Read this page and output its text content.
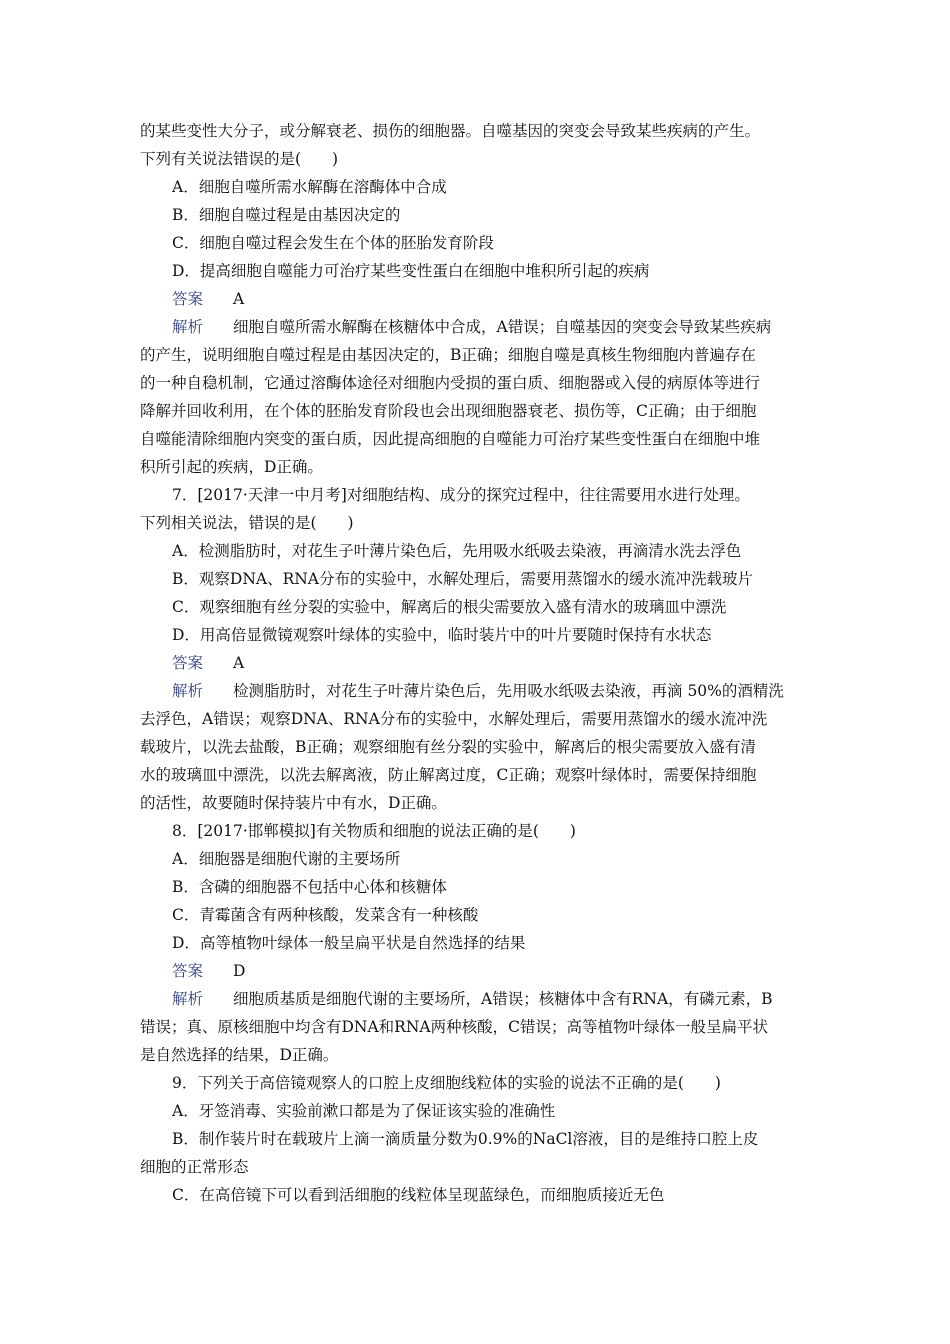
的某些变性大分子，或分解衰老、损伤的细胞器。自噬基因的突变会导致某些疾病的产生。
下列有关说法错误的是(　　)
A．细胞自噬所需水解酶在溶酶体中合成
B．细胞自噬过程是由基因决定的
C．细胞自噬过程会发生在个体的胚胎发育阶段
D．提高细胞自噬能力可治疗某些变性蛋白在细胞中堆积所引起的疾病
答案 A
解析 细胞自噬所需水解酶在核糖体中合成，A错误；自噬基因的突变会导致某些疾病
的产生，说明细胞自噬过程是由基因决定的，B正确；细胞自噬是真核生物细胞内普遍存在
的一种自稳机制，它通过溶酶体途径对细胞内受损的蛋白质、细胞器或入侵的病原体等进行
降解并回收利用，在个体的胚胎发育阶段也会出现细胞器衰老、损伤等，C正确；由于细胞
自噬能清除细胞内突变的蛋白质，因此提高细胞的自噬能力可治疗某些变性蛋白在细胞中堆
积所引起的疾病，D正确。
7．[2017·天津一中月考]对细胞结构、成分的探究过程中，往往需要用水进行处理。
下列相关说法，错误的是(　　)
A．检测脂肪时，对花生子叶薄片染色后，先用吸水纸吸去染液，再滴清水洗去浮色
B．观察DNA、RNA分布的实验中，水解处理后，需要用蒸馏水的缓水流冲洗载玻片
C．观察细胞有丝分裂的实验中，解离后的根尖需要放入盛有清水的玻璃皿中漂洗
D．用高倍显微镜观察叶绿体的实验中，临时装片中的叶片要随时保持有水状态
答案 A
解析 检测脂肪时，对花生子叶薄片染色后，先用吸水纸吸去染液，再滴 50%的酒精洗
去浮色，A错误；观察DNA、RNA分布的实验中，水解处理后，需要用蒸馏水的缓水流冲洗
载玻片，以洗去盐酸，B正确；观察细胞有丝分裂的实验中，解离后的根尖需要放入盛有清
水的玻璃皿中漂洗，以洗去解离液，防止解离过度，C正确；观察叶绿体时，需要保持细胞
的活性，故要随时保持装片中有水，D正确。
8．[2017·邯郸模拟]有关物质和细胞的说法正确的是(　　)
A．细胞器是细胞代谢的主要场所
B．含磷的细胞器不包括中心体和核糖体
C．青霉菌含有两种核酸，发菜含有一种核酸
D．高等植物叶绿体一般呈扁平状是自然选择的结果
答案 D
解析 细胞质基质是细胞代谢的主要场所，A错误；核糖体中含有RNA，有磷元素，B
错误；真、原核细胞中均含有DNA和RNA两种核酸，C错误；高等植物叶绿体一般呈扁平状
是自然选择的结果，D正确。
9．下列关于高倍镜观察人的口腔上皮细胞线粒体的实验的说法不正确的是(　　)
A．牙签消毒、实验前漱口都是为了保证该实验的准确性
B．制作装片时在载玻片上滴一滴质量分数为0.9%的NaCl溶液，目的是维持口腔上皮
细胞的正常形态
C．在高倍镜下可以看到活细胞的线粒体呈现蓝绿色，而细胞质接近无色
